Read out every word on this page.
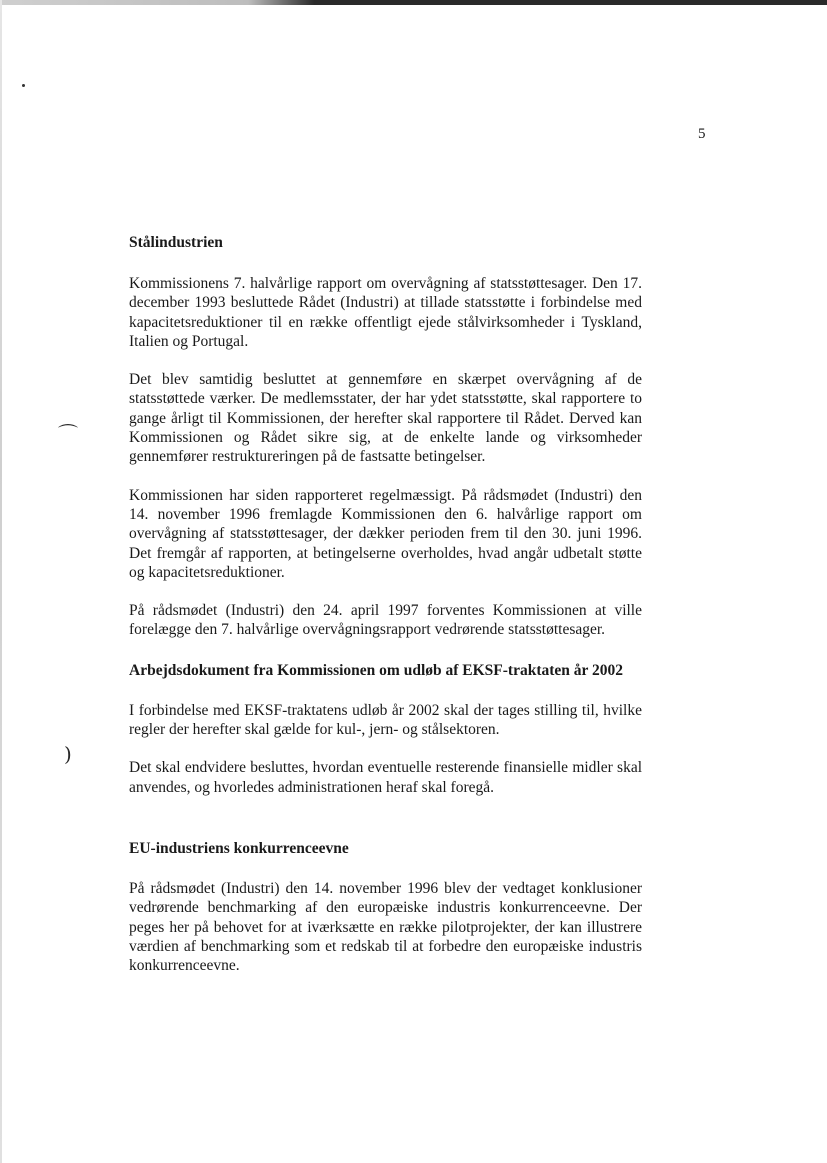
⌒
)
5
Stålindustrien

Kommissionens 7. halvårlige rapport om overvågning af statsstøttesager. Den 17. december 1993 besluttede Rådet (Industri) at tillade statsstøtte i forbindelse med kapacitetsreduktioner til en række offentligt ejede stålvirksomheder i Tyskland, Italien og Portugal.

Det blev samtidig besluttet at gennemføre en skærpet overvågning af de statsstøttede værker. De medlemsstater, der har ydet statsstøtte, skal rapportere to gange årligt til Kommissionen, der herefter skal rapportere til Rådet. Derved kan Kommissionen og Rådet sikre sig, at de enkelte lande og virksomheder gennemfører restruktureringen på de fastsatte betingelser.

Kommissionen har siden rapporteret regelmæssigt. På rådsmødet (Industri) den 14. november 1996 fremlagde Kommissionen den 6. halvårlige rapport om overvågning af statsstøttesager, der dækker perioden frem til den 30. juni 1996. Det fremgår af rapporten, at betingelserne overholdes, hvad angår udbetalt støtte og kapacitetsreduktioner.

På rådsmødet (Industri) den 24. april 1997 forventes Kommissionen at ville forelægge den 7. halvårlige overvågningsrapport vedrørende statsstøttesager.

Arbejdsdokument fra Kommissionen om udløb af EKSF-traktaten år 2002

I forbindelse med EKSF-traktatens udløb år 2002 skal der tages stilling til, hvilke regler der herefter skal gælde for kul-, jern- og stålsektoren.

Det skal endvidere besluttes, hvordan eventuelle resterende finansielle midler skal anvendes, og hvorledes administrationen heraf skal foregå.

EU-industriens konkurrenceevne

På rådsmødet (Industri) den 14. november 1996 blev der vedtaget konklusioner vedrørende benchmarking af den europæiske industris konkurrenceevne. Der peges her på behovet for at iværksætte en række pilotprojekter, der kan illustrere værdien af benchmarking som et redskab til at forbedre den europæiske industris konkurrenceevne.
